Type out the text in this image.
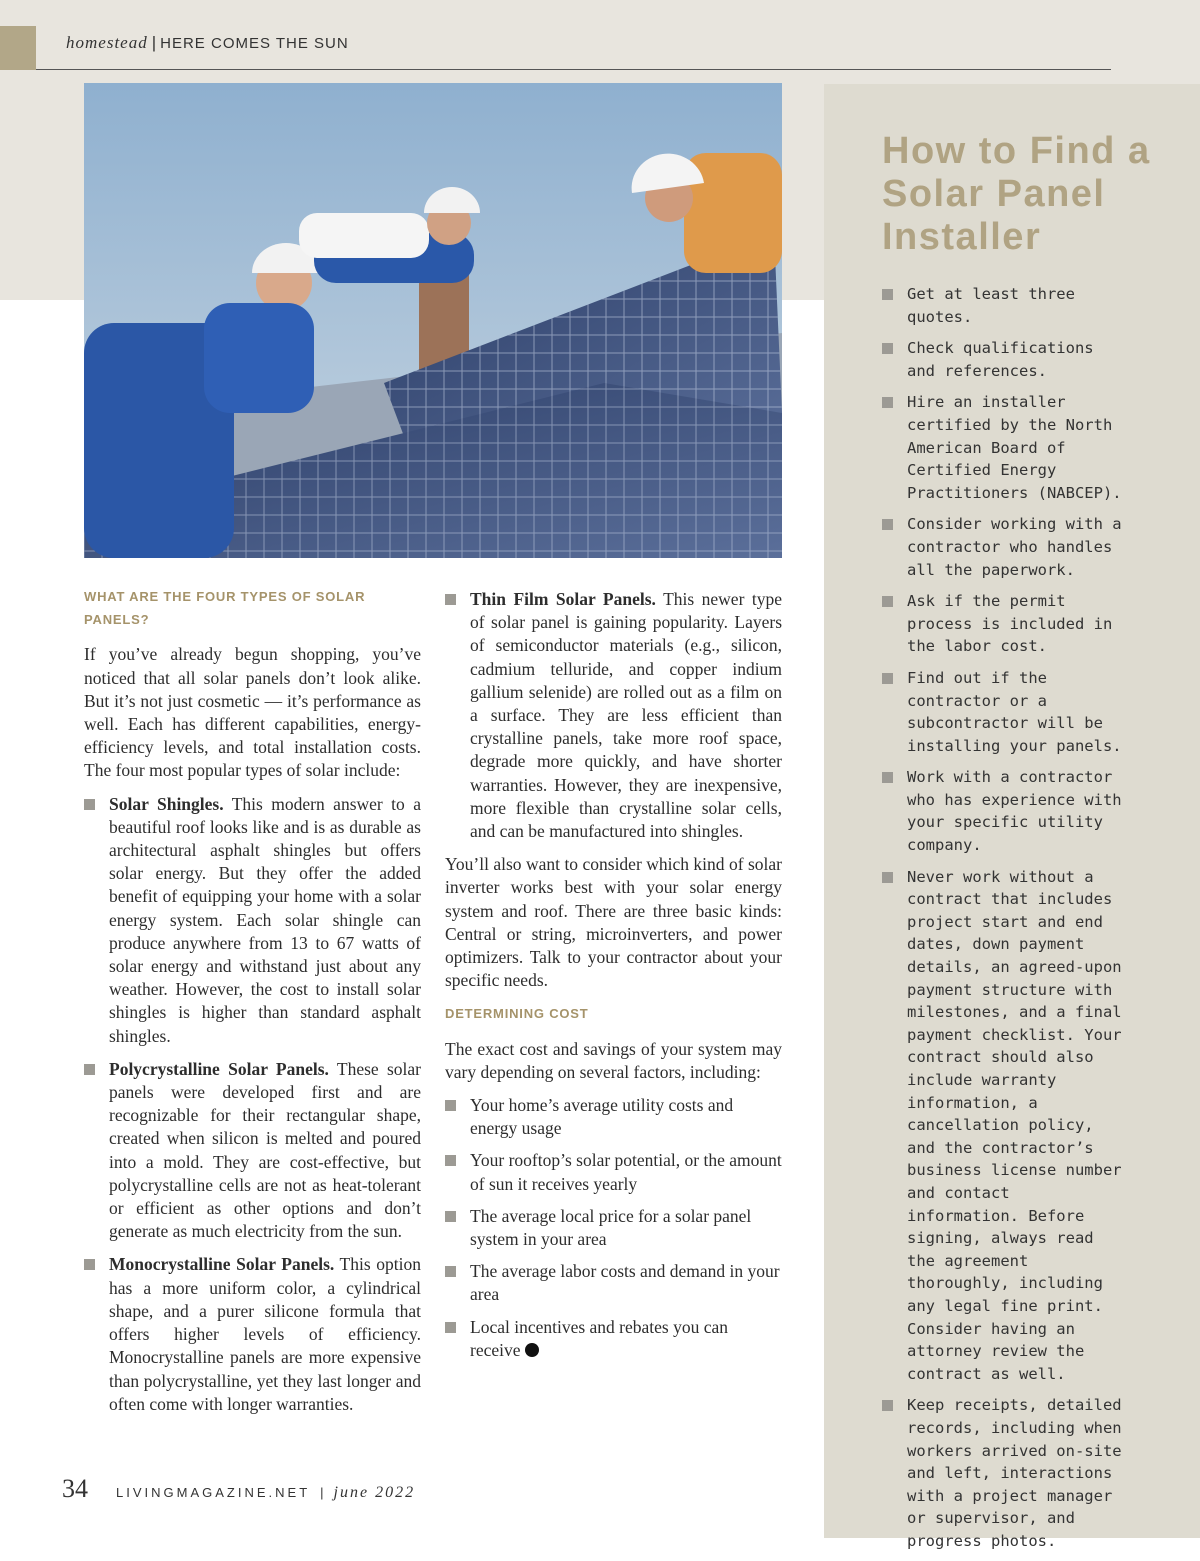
homestead | HERE COMES THE SUN
WHAT ARE THE FOUR TYPES OF SOLAR PANELS?

If you’ve already begun shopping, you’ve noticed that all solar panels don’t look alike. But it’s not just cosmetic — it’s performance as well. Each has different capabilities, energy-efficiency levels, and total installation costs. The four most popular types of solar include:

Solar Shingles. This modern answer to a beautiful roof looks like and is as durable as architectural asphalt shingles but offers solar energy. But they offer the added benefit of equipping your home with a solar energy system. Each solar shingle can produce anywhere from 13 to 67 watts of solar energy and withstand just about any weather. However, the cost to install solar shingles is higher than standard asphalt shingles.
Polycrystalline Solar Panels. These solar panels were developed first and are recognizable for their rectangular shape, created when silicon is melted and poured into a mold. They are cost-effective, but polycrystalline cells are not as heat-tolerant or efficient as other options and don’t generate as much electricity from the sun.
Monocrystalline Solar Panels. This option has a more uniform color, a cylindrical shape, and a purer silicone formula that offers higher levels of efficiency. Monocrystalline panels are more expensive than polycrystalline, yet they last longer and often come with longer warranties.
Thin Film Solar Panels. This newer type of solar panel is gaining popularity. Layers of semiconductor materials (e.g., silicon, cadmium telluride, and copper indium gallium selenide) are rolled out as a film on a surface. They are less efficient than crystalline panels, take more roof space, degrade more quickly, and have shorter warranties. However, they are inexpensive, more flexible than crystalline solar cells, and can be manufactured into shingles.

You’ll also want to consider which kind of solar inverter works best with your solar energy system and roof. There are three basic kinds: Central or string, microinverters, and power optimizers. Talk to your contractor about your specific needs.

DETERMINING COST

The exact cost and savings of your system may vary depending on several factors, including:

Your home’s average utility costs and energy usage
Your rooftop’s solar potential, or the amount of sun it receives yearly
The average local price for a solar panel system in your area
The average labor costs and demand in your area
Local incentives and rebates you can receive
How to Find a Solar Panel Installer
Get at least three quotes.
Check qualifications and references.
Hire an installer certified by the North American Board of Certified Energy Practitioners (NABCEP).
Consider working with a contractor who handles all the paperwork.
Ask if the permit process is included in the labor cost.
Find out if the contractor or a subcontractor will be installing your panels.
Work with a contractor who has experience with your specific utility company.
Never work without a contract that includes project start and end dates, down payment details, an agreed-upon payment structure with milestones, and a final payment checklist. Your contract should also include warranty information, a cancellation policy, and the contractor’s business license number and contact information. Before signing, always read the agreement thoroughly, including any legal fine print. Consider having an attorney review the contract as well.
Keep receipts, detailed records, including when workers arrived on-site and left, interactions with a project manager or supervisor, and progress photos.
34 LIVINGMAGAZINE.NET | june 2022
